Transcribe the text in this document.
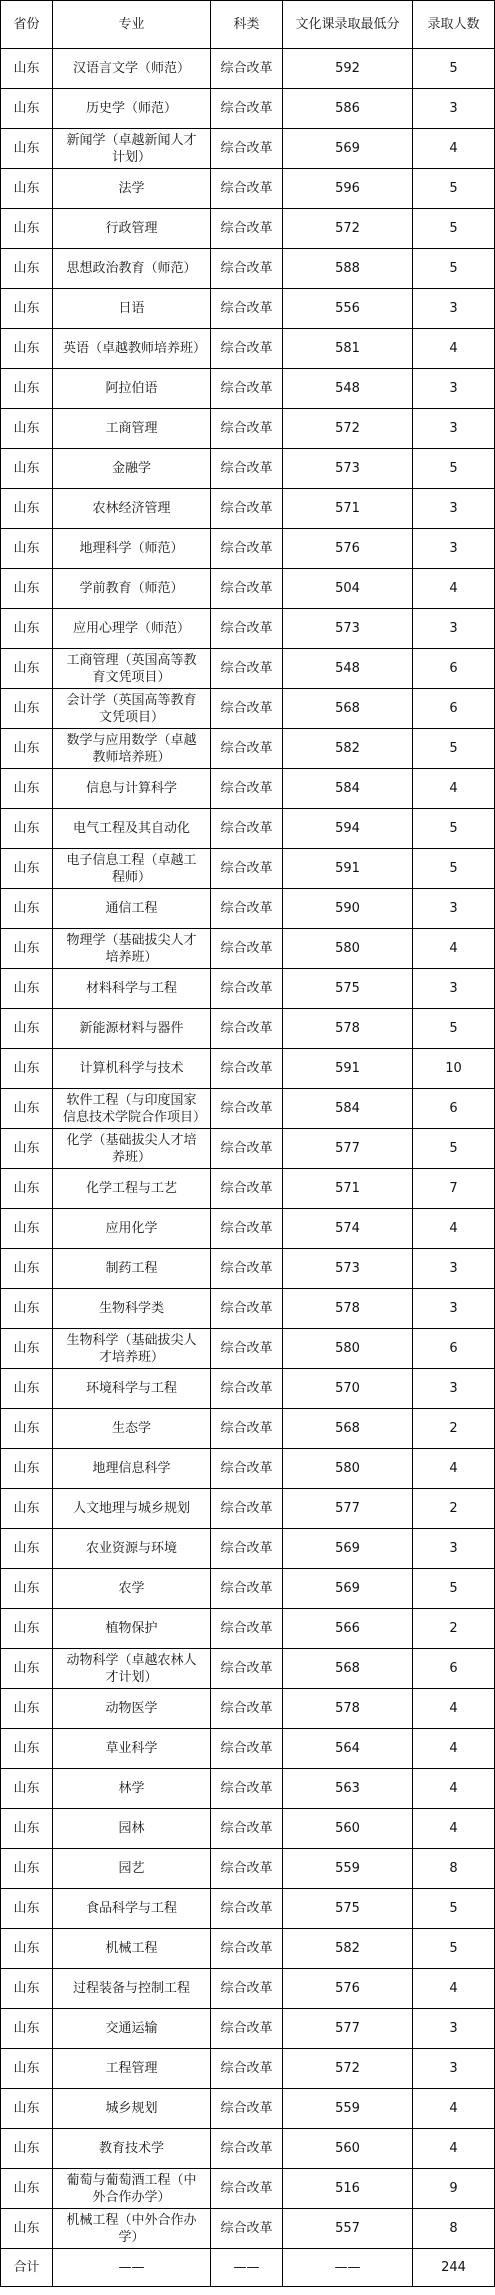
省份	专业	科类	文化课录取最低分	录取人数
山东	汉语言文学（师范）	综合改革	592	5
山东	历史学（师范）	综合改革	586	3
山东	新闻学（卓越新闻人才计划）	综合改革	569	4
山东	法学	综合改革	596	5
山东	行政管理	综合改革	572	5
山东	思想政治教育（师范）	综合改革	588	5
山东	日语	综合改革	556	3
山东	英语（卓越教师培养班）	综合改革	581	4
山东	阿拉伯语	综合改革	548	3
山东	工商管理	综合改革	572	3
山东	金融学	综合改革	573	5
山东	农林经济管理	综合改革	571	3
山东	地理科学（师范）	综合改革	576	3
山东	学前教育（师范）	综合改革	504	4
山东	应用心理学（师范）	综合改革	573	3
山东	工商管理（英国高等教育文凭项目）	综合改革	548	6
山东	会计学（英国高等教育文凭项目）	综合改革	568	6
山东	数学与应用数学（卓越教师培养班）	综合改革	582	5
山东	信息与计算科学	综合改革	584	4
山东	电气工程及其自动化	综合改革	594	5
山东	电子信息工程（卓越工程师）	综合改革	591	5
山东	通信工程	综合改革	590	3
山东	物理学（基础拔尖人才培养班）	综合改革	580	4
山东	材料科学与工程	综合改革	575	3
山东	新能源材料与器件	综合改革	578	5
山东	计算机科学与技术	综合改革	591	10
山东	软件工程（与印度国家信息技术学院合作项目）	综合改革	584	6
山东	化学（基础拔尖人才培养班）	综合改革	577	5
山东	化学工程与工艺	综合改革	571	7
山东	应用化学	综合改革	574	4
山东	制药工程	综合改革	573	3
山东	生物科学类	综合改革	578	3
山东	生物科学（基础拔尖人才培养班）	综合改革	580	6
山东	环境科学与工程	综合改革	570	3
山东	生态学	综合改革	568	2
山东	地理信息科学	综合改革	580	4
山东	人文地理与城乡规划	综合改革	577	2
山东	农业资源与环境	综合改革	569	3
山东	农学	综合改革	569	5
山东	植物保护	综合改革	566	2
山东	动物科学（卓越农林人才计划）	综合改革	568	6
山东	动物医学	综合改革	578	4
山东	草业科学	综合改革	564	4
山东	林学	综合改革	563	4
山东	园林	综合改革	560	4
山东	园艺	综合改革	559	8
山东	食品科学与工程	综合改革	575	5
山东	机械工程	综合改革	582	5
山东	过程装备与控制工程	综合改革	576	4
山东	交通运输	综合改革	577	3
山东	工程管理	综合改革	572	3
山东	城乡规划	综合改革	559	4
山东	教育技术学	综合改革	560	4
山东	葡萄与葡萄酒工程（中外合作办学）	综合改革	516	9
山东	机械工程（中外合作办学）	综合改革	557	8
合计	——	——	——	244
